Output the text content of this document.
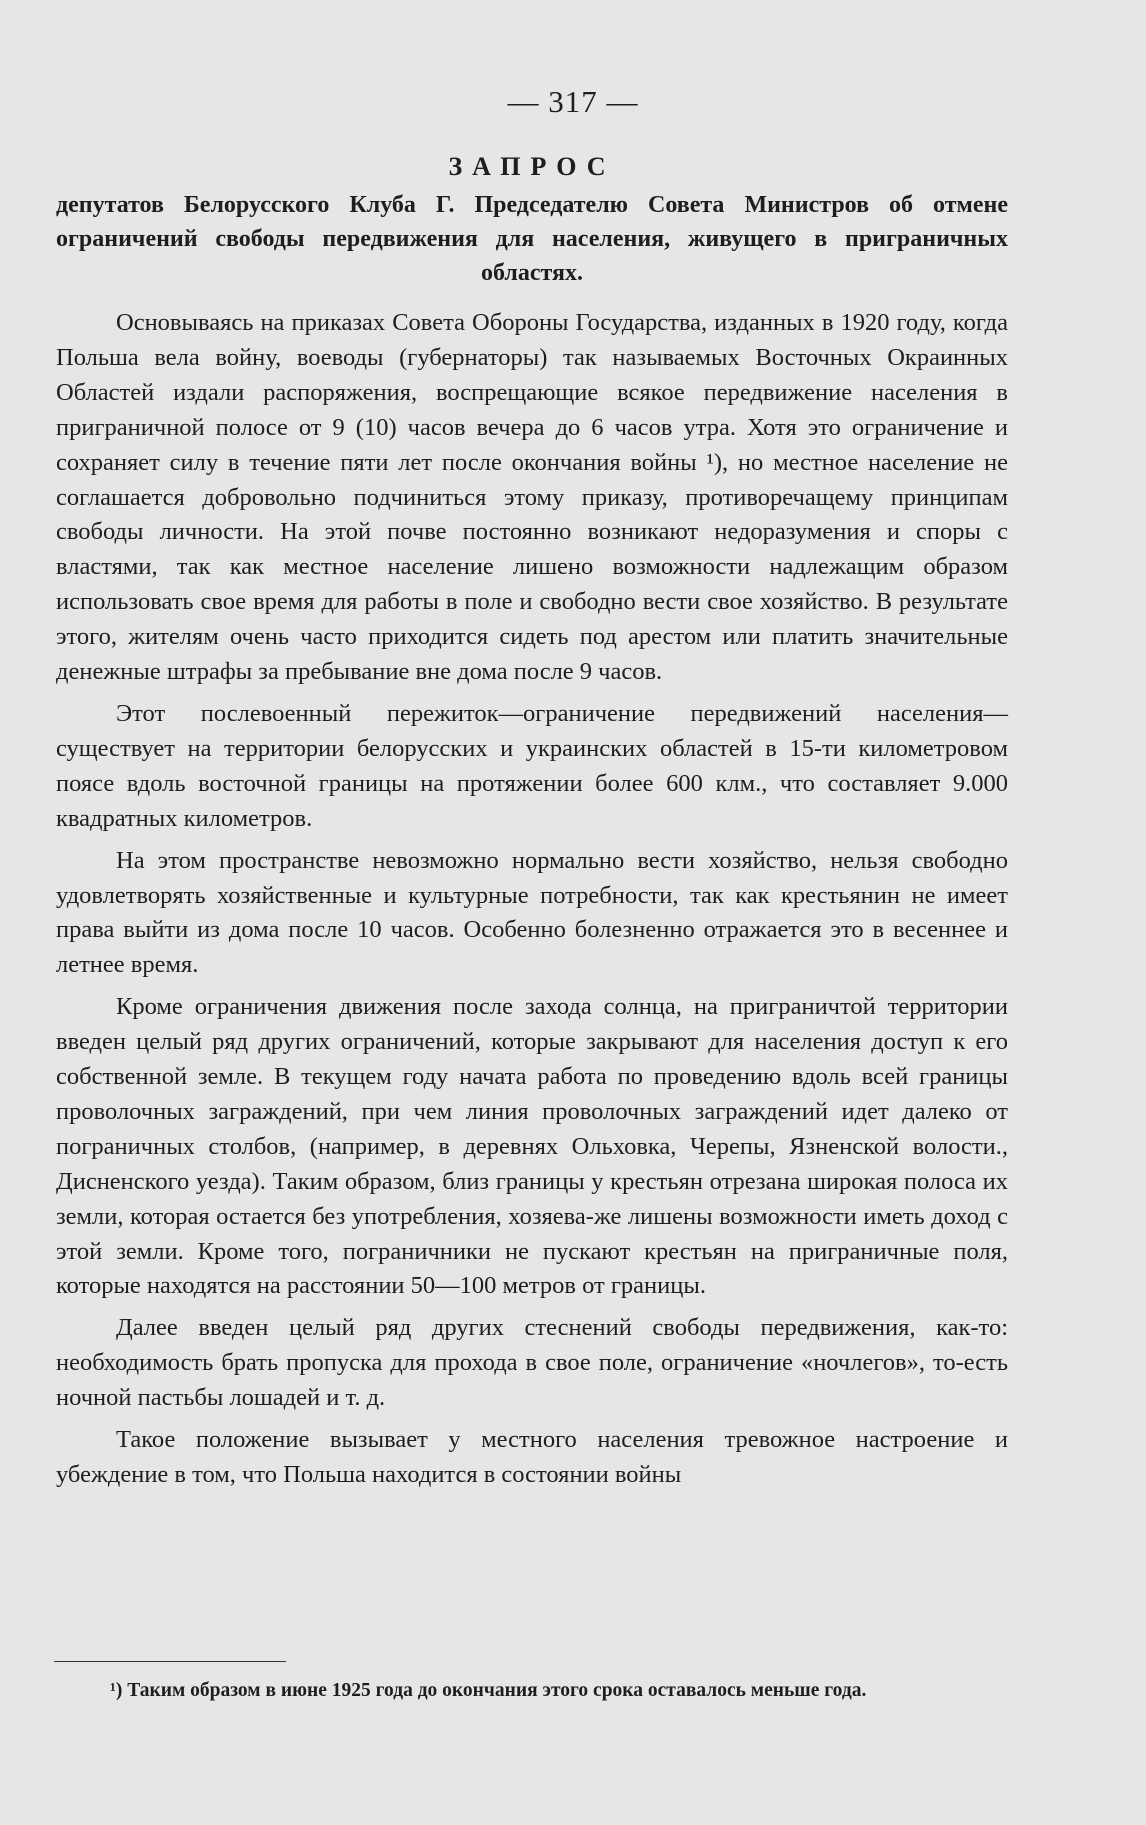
— 317 —
ЗАПРОС
депутатов Белорусского Клуба Г. Председателю Совета Министров об отмене ограничений свободы передвижения для населения, живущего в приграничных областях.

Основываясь на приказах Совета Обороны Государства, изданных в 1920 году, когда Польша вела войну, воеводы (губернаторы) так называемых Восточных Окраинных Областей издали распоряжения, воспрещающие всякое передвижение населения в приграничной полосе от 9 (10) часов вечера до 6 часов утра. Хотя это ограничение и сохраняет силу в течение пяти лет после окончания войны ¹), но местное население не соглашается добровольно подчиниться этому приказу, противоречащему принципам свободы личности. На этой почве постоянно возникают недоразумения и споры с властями, так как местное население лишено возможности надлежащим образом использовать свое время для работы в поле и свободно вести свое хозяйство. В результате этого, жителям очень часто приходится сидеть под арестом или платить значительные денежные штрафы за пребывание вне дома после 9 часов.

Этот послевоенный пережиток—ограничение передвижений населения—существует на территории белорусских и украинских областей в 15-ти километровом поясе вдоль восточной границы на протяжении более 600 клм., что составляет 9.000 квадратных километров.

На этом пространстве невозможно нормально вести хозяйство, нельзя свободно удовлетворять хозяйственные и культурные потребности, так как крестьянин не имеет права выйти из дома после 10 часов. Особенно болезненно отражается это в весеннее и летнее время.

Кроме ограничения движения после захода солнца, на приграничтой территории введен целый ряд других ограничений, которые закрывают для населения доступ к его собственной земле. В текущем году начата работа по проведению вдоль всей границы проволочных заграждений, при чем линия проволочных заграждений идет далеко от пограничных столбов, (например, в деревнях Ольховка, Черепы, Язненской волости., Дисненского уезда). Таким образом, близ границы у крестьян отрезана широкая полоса их земли, которая остается без употребления, хозяева-же лишены возможности иметь доход с этой земли. Кроме того, пограничники не пускают крестьян на приграничные поля, которые находятся на расстоянии 50—100 метров от границы.

Далее введен целый ряд других стеснений свободы передвижения, как-то: необходимость брать пропуска для прохода в свое поле, ограничение «ночлегов», то-есть ночной пастьбы лошадей и т. д.

Такое положение вызывает у местного населения тревожное настроение и убеждение в том, что Польша находится в состоянии войны

¹) Таким образом в июне 1925 года до окончания этого срока оставалось меньше года.
